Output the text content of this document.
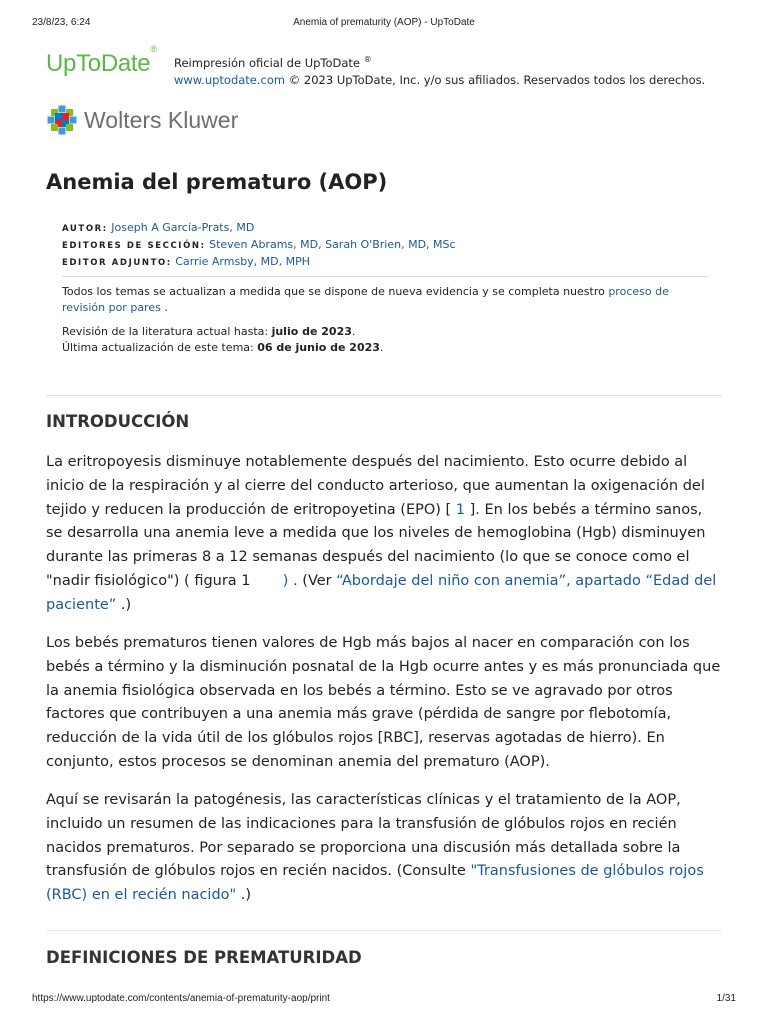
Anemia of prematurity (AOP) - UpToDate
23/8/23, 6:24
UpToDate®
Reimpresión oficial de UpToDate ®
www.uptodate.com © 2023 UpToDate, Inc. y/o sus afiliados. Reservados todos los derechos.
Wolters Kluwer
Anemia del prematuro (AOP)
AUTOR: Joseph A García-Prats, MD
EDITORES DE SECCIÓN: Steven Abrams, MD, Sarah O'Brien, MD, MSc
EDITOR ADJUNTO: Carrie Armsby, MD, MPH
Todos los temas se actualizan a medida que se dispone de nueva evidencia y se completa nuestro proceso de revisión por pares .
Revisión de la literatura actual hasta: julio de 2023.
Última actualización de este tema: 06 de junio de 2023.
INTRODUCCIÓN

La eritropoyesis disminuye notablemente después del nacimiento. Esto ocurre debido al inicio de la respiración y al cierre del conducto arterioso, que aumentan la oxigenación del tejido y reducen la producción de eritropoyetina (EPO) [ 1 ]. En los bebés a término sanos, se desarrolla una anemia leve a medida que los niveles de hemoglobina (Hgb) disminuyen durante las primeras 8 a 12 semanas después del nacimiento (lo que se conoce como el "nadir fisiológico") ( figura 1 ) . (Ver “Abordaje del niño con anemia”, apartado “Edad del paciente” .)

Los bebés prematuros tienen valores de Hgb más bajos al nacer en comparación con los bebés a término y la disminución posnatal de la Hgb ocurre antes y es más pronunciada que la anemia fisiológica observada en los bebés a término. Esto se ve agravado por otros factores que contribuyen a una anemia más grave (pérdida de sangre por flebotomía, reducción de la vida útil de los glóbulos rojos [RBC], reservas agotadas de hierro). En conjunto, estos procesos se denominan anemia del prematuro (AOP).

Aquí se revisarán la patogénesis, las características clínicas y el tratamiento de la AOP, incluido un resumen de las indicaciones para la transfusión de glóbulos rojos en recién nacidos prematuros. Por separado se proporciona una discusión más detallada sobre la transfusión de glóbulos rojos en recién nacidos. (Consulte "Transfusiones de glóbulos rojos (RBC) en el recién nacido" .)

DEFINICIONES DE PREMATURIDAD
https://www.uptodate.com/contents/anemia-of-prematurity-aop/print	1/31
